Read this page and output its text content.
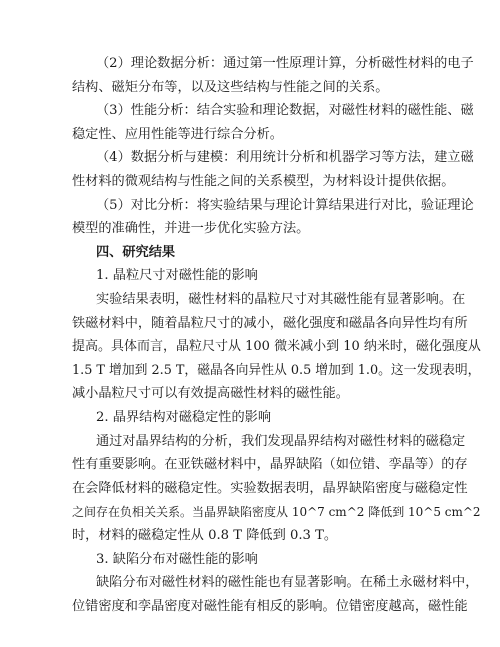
（2）理论数据分析：通过第一性原理计算，分析磁性材料的电子
结构、磁矩分布等，以及这些结构与性能之间的关系。
（3）性能分析：结合实验和理论数据，对磁性材料的磁性能、磁
稳定性、应用性能等进行综合分析。
（4）数据分析与建模：利用统计分析和机器学习等方法，建立磁
性材料的微观结构与性能之间的关系模型，为材料设计提供依据。
（5）对比分析：将实验结果与理论计算结果进行对比，验证理论
模型的准确性，并进一步优化实验方法。
四、研究结果
1. 晶粒尺寸对磁性能的影响
实验结果表明，磁性材料的晶粒尺寸对其磁性能有显著影响。在
铁磁材料中，随着晶粒尺寸的减小，磁化强度和磁晶各向异性均有所
提高。具体而言，晶粒尺寸从 100 微米减小到 10 纳米时，磁化强度从
1.5 T 增加到 2.5 T，磁晶各向异性从 0.5 增加到 1.0。这一发现表明，
减小晶粒尺寸可以有效提高磁性材料的磁性能。
2. 晶界结构对磁稳定性的影响
通过对晶界结构的分析，我们发现晶界结构对磁性材料的磁稳定
性有重要影响。在亚铁磁材料中，晶界缺陷（如位错、孪晶等）的存
在会降低材料的磁稳定性。实验数据表明，晶界缺陷密度与磁稳定性
之间存在负相关关系。当晶界缺陷密度从 10^7 cm^2 降低到 10^5 cm^2
时，材料的磁稳定性从 0.8 T 降低到 0.3 T。
3. 缺陷分布对磁性能的影响
缺陷分布对磁性材料的磁性能也有显著影响。在稀土永磁材料中，
位错密度和孪晶密度对磁性能有相反的影响。位错密度越高，磁性能
